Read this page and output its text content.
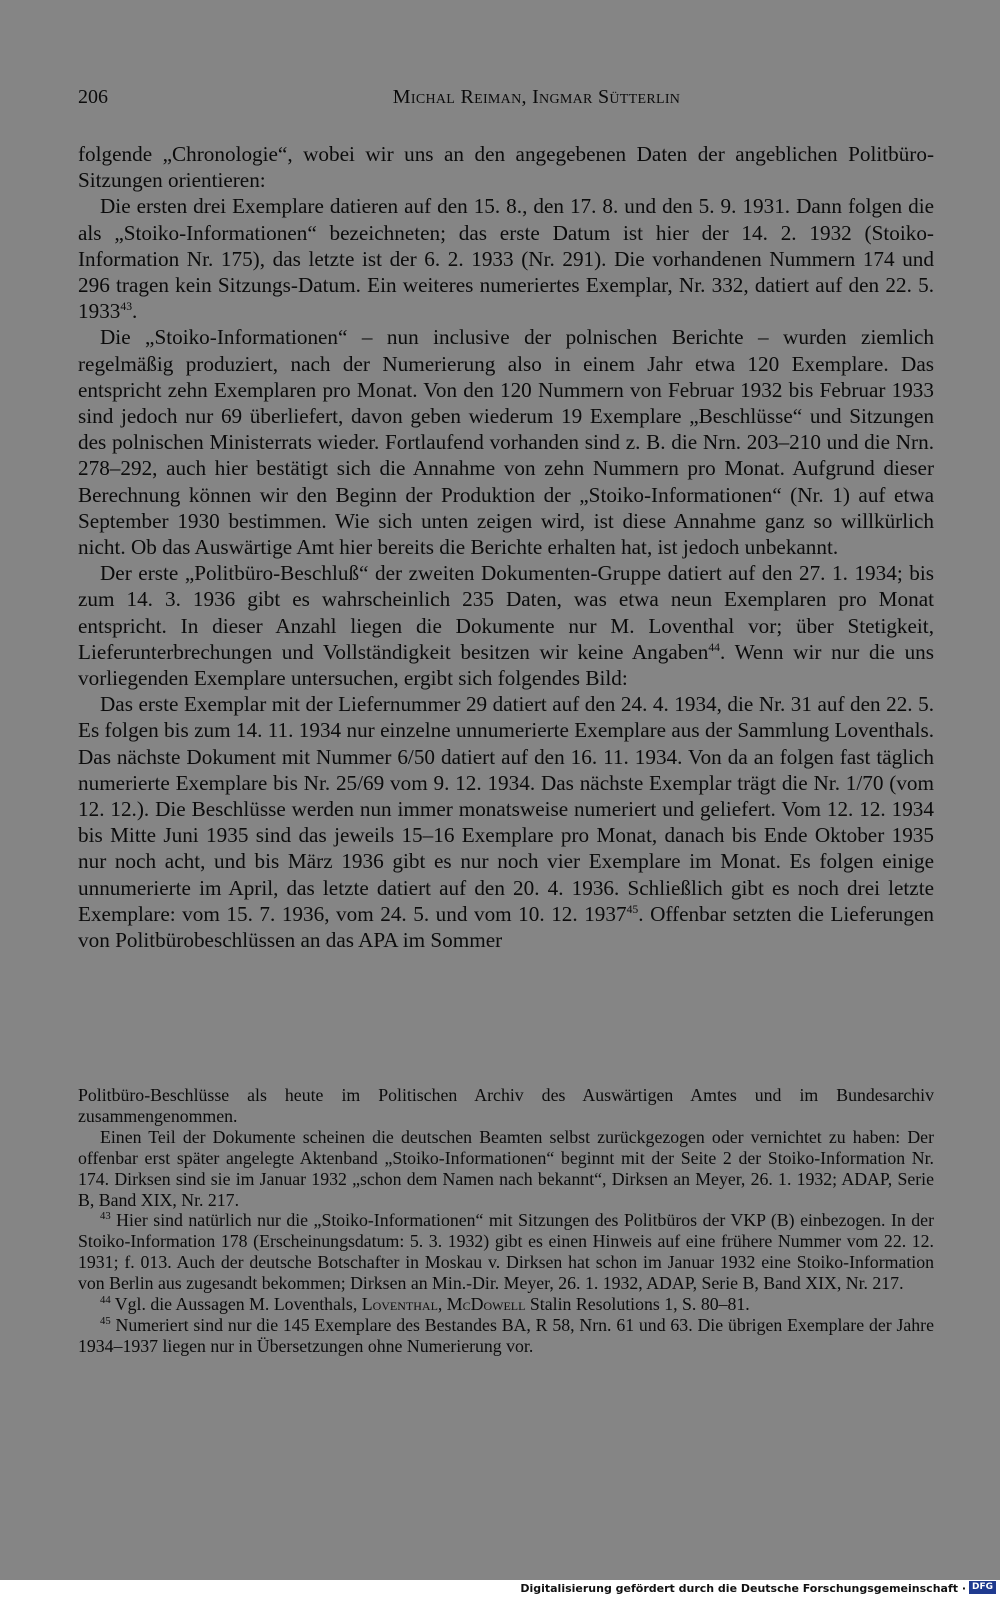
206	Michal Reiman, Ingmar Sütterlin

folgende „Chronologie“, wobei wir uns an den angegebenen Daten der angeblichen Politbüro-Sitzungen orientieren:

Die ersten drei Exemplare datieren auf den 15. 8., den 17. 8. und den 5. 9. 1931. Dann folgen die als „Stoiko-Informationen“ bezeichneten; das erste Datum ist hier der 14. 2. 1932 (Stoiko-Information Nr. 175), das letzte ist der 6. 2. 1933 (Nr. 291). Die vorhandenen Nummern 174 und 296 tragen kein Sitzungs-Datum. Ein weiteres numeriertes Exemplar, Nr. 332, datiert auf den 22. 5. 1933$^{43}$.

Die „Stoiko-Informationen“ – nun inclusive der polnischen Berichte – wurden ziemlich regelmäßig produziert, nach der Numerierung also in einem Jahr etwa 120 Exemplare. Das entspricht zehn Exemplaren pro Monat. Von den 120 Nummern von Februar 1932 bis Februar 1933 sind jedoch nur 69 überliefert, davon geben wiederum 19 Exemplare „Beschlüsse“ und Sitzungen des polnischen Ministerrats wieder. Fortlaufend vorhanden sind z. B. die Nrn. 203–210 und die Nrn. 278–292, auch hier bestätigt sich die Annahme von zehn Nummern pro Monat. Aufgrund dieser Berechnung können wir den Beginn der Produktion der „Stoiko-Informationen“ (Nr. 1) auf etwa September 1930 bestimmen. Wie sich unten zeigen wird, ist diese Annahme ganz so willkürlich nicht. Ob das Auswärtige Amt hier bereits die Berichte erhalten hat, ist jedoch unbekannt.

Der erste „Politbüro-Beschluß“ der zweiten Dokumenten-Gruppe datiert auf den 27. 1. 1934; bis zum 14. 3. 1936 gibt es wahrscheinlich 235 Daten, was etwa neun Exemplaren pro Monat entspricht. In dieser Anzahl liegen die Dokumente nur M. Loventhal vor; über Stetigkeit, Lieferunterbrechungen und Vollständigkeit besitzen wir keine Angaben$^{44}$. Wenn wir nur die uns vorliegenden Exemplare untersuchen, ergibt sich folgendes Bild:

Das erste Exemplar mit der Liefernummer 29 datiert auf den 24. 4. 1934, die Nr. 31 auf den 22. 5. Es folgen bis zum 14. 11. 1934 nur einzelne unnumerierte Exemplare aus der Sammlung Loventhals. Das nächste Dokument mit Nummer 6/50 datiert auf den 16. 11. 1934. Von da an folgen fast täglich numerierte Exemplare bis Nr. 25/69 vom 9. 12. 1934. Das nächste Exemplar trägt die Nr. 1/70 (vom 12. 12.). Die Beschlüsse werden nun immer monatsweise numeriert und geliefert. Vom 12. 12. 1934 bis Mitte Juni 1935 sind das jeweils 15–16 Exemplare pro Monat, danach bis Ende Oktober 1935 nur noch acht, und bis März 1936 gibt es nur noch vier Exemplare im Monat. Es folgen einige unnumerierte im April, das letzte datiert auf den 20. 4. 1936. Schließlich gibt es noch drei letzte Exemplare: vom 15. 7. 1936, vom 24. 5. und vom 10. 12. 1937$^{45}$. Offenbar setzten die Lieferungen von Politbürobeschlüssen an das APA im Sommer

Politbüro-Beschlüsse als heute im Politischen Archiv des Auswärtigen Amtes und im Bundesarchiv zusammengenommen.

Einen Teil der Dokumente scheinen die deutschen Beamten selbst zurückgezogen oder vernichtet zu haben: Der offenbar erst später angelegte Aktenband „Stoiko-Informationen“ beginnt mit der Seite 2 der Stoiko-Information Nr. 174. Dirksen sind sie im Januar 1932 „schon dem Namen nach bekannt“, Dirksen an Meyer, 26. 1. 1932; ADAP, Serie B, Band XIX, Nr. 217.

$^{43}$ Hier sind natürlich nur die „Stoiko-Informationen“ mit Sitzungen des Politbüros der VKP (B) einbezogen. In der Stoiko-Information 178 (Erscheinungsdatum: 5. 3. 1932) gibt es einen Hinweis auf eine frühere Nummer vom 22. 12. 1931; f. 013. Auch der deutsche Botschafter in Moskau v. Dirksen hat schon im Januar 1932 eine Stoiko-Information von Berlin aus zugesandt bekommen; Dirksen an Min.-Dir. Meyer, 26. 1. 1932, ADAP, Serie B, Band XIX, Nr. 217.

$^{44}$ Vgl. die Aussagen M. Loventhals, Loventhal, McDowell Stalin Resolutions 1, S. 80–81.

$^{45}$ Numeriert sind nur die 145 Exemplare des Bestandes BA, R 58, Nrn. 61 und 63. Die übrigen Exemplare der Jahre 1934–1937 liegen nur in Übersetzungen ohne Numerierung vor.

Digitalisierung gefördert durch die Deutsche Forschungsgemeinschaft · DFG
